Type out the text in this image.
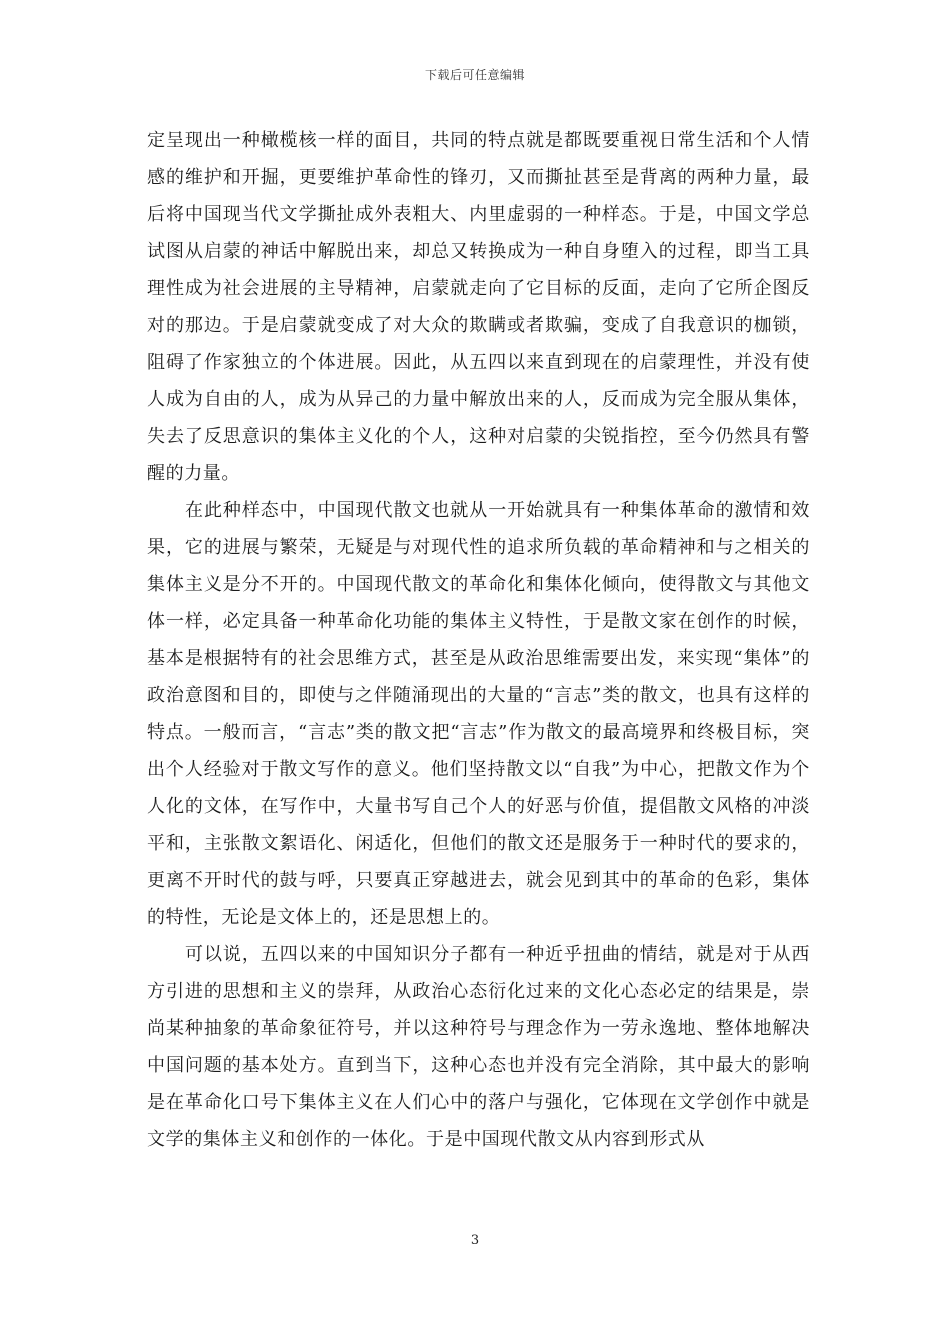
下载后可任意编辑

定呈现出一种橄榄核一样的面目，共同的特点就是都既要重视日常生活和个人情感的维护和开掘，更要维护革命性的锋刃，又而撕扯甚至是背离的两种力量，最后将中国现当代文学撕扯成外表粗大、内里虚弱的一种样态。于是，中国文学总试图从启蒙的神话中解脱出来，却总又转换成为一种自身堕入的过程，即当工具理性成为社会进展的主导精神，启蒙就走向了它目标的反面，走向了它所企图反对的那边。于是启蒙就变成了对大众的欺瞒或者欺骗，变成了自我意识的枷锁，阻碍了作家独立的个体进展。因此，从五四以来直到现在的启蒙理性，并没有使人成为自由的人，成为从异己的力量中解放出来的人，反而成为完全服从集体，失去了反思意识的集体主义化的个人，这种对启蒙的尖锐指控，至今仍然具有警醒的力量。

在此种样态中，中国现代散文也就从一开始就具有一种集体革命的激情和效果，它的进展与繁荣，无疑是与对现代性的追求所负载的革命精神和与之相关的集体主义是分不开的。中国现代散文的革命化和集体化倾向，使得散文与其他文体一样，必定具备一种革命化功能的集体主义特性，于是散文家在创作的时候，基本是根据特有的社会思维方式，甚至是从政治思维需要出发，来实现“集体”的政治意图和目的，即使与之伴随涌现出的大量的“言志”类的散文，也具有这样的特点。一般而言，“言志”类的散文把“言志”作为散文的最高境界和终极目标，突出个人经验对于散文写作的意义。他们坚持散文以“自我”为中心，把散文作为个人化的文体，在写作中，大量书写自己个人的好恶与价值，提倡散文风格的冲淡平和，主张散文絮语化、闲适化，但他们的散文还是服务于一种时代的要求的，更离不开时代的鼓与呼，只要真正穿越进去，就会见到其中的革命的色彩，集体的特性，无论是文体上的，还是思想上的。

可以说，五四以来的中国知识分子都有一种近乎扭曲的情结，就是对于从西方引进的思想和主义的崇拜，从政治心态衍化过来的文化心态必定的结果是，崇尚某种抽象的革命象征符号，并以这种符号与理念作为一劳永逸地、整体地解决中国问题的基本处方。直到当下，这种心态也并没有完全消除，其中最大的影响是在革命化口号下集体主义在人们心中的落户与强化，它体现在文学创作中就是文学的集体主义和创作的一体化。于是中国现代散文从内容到形式从

3
